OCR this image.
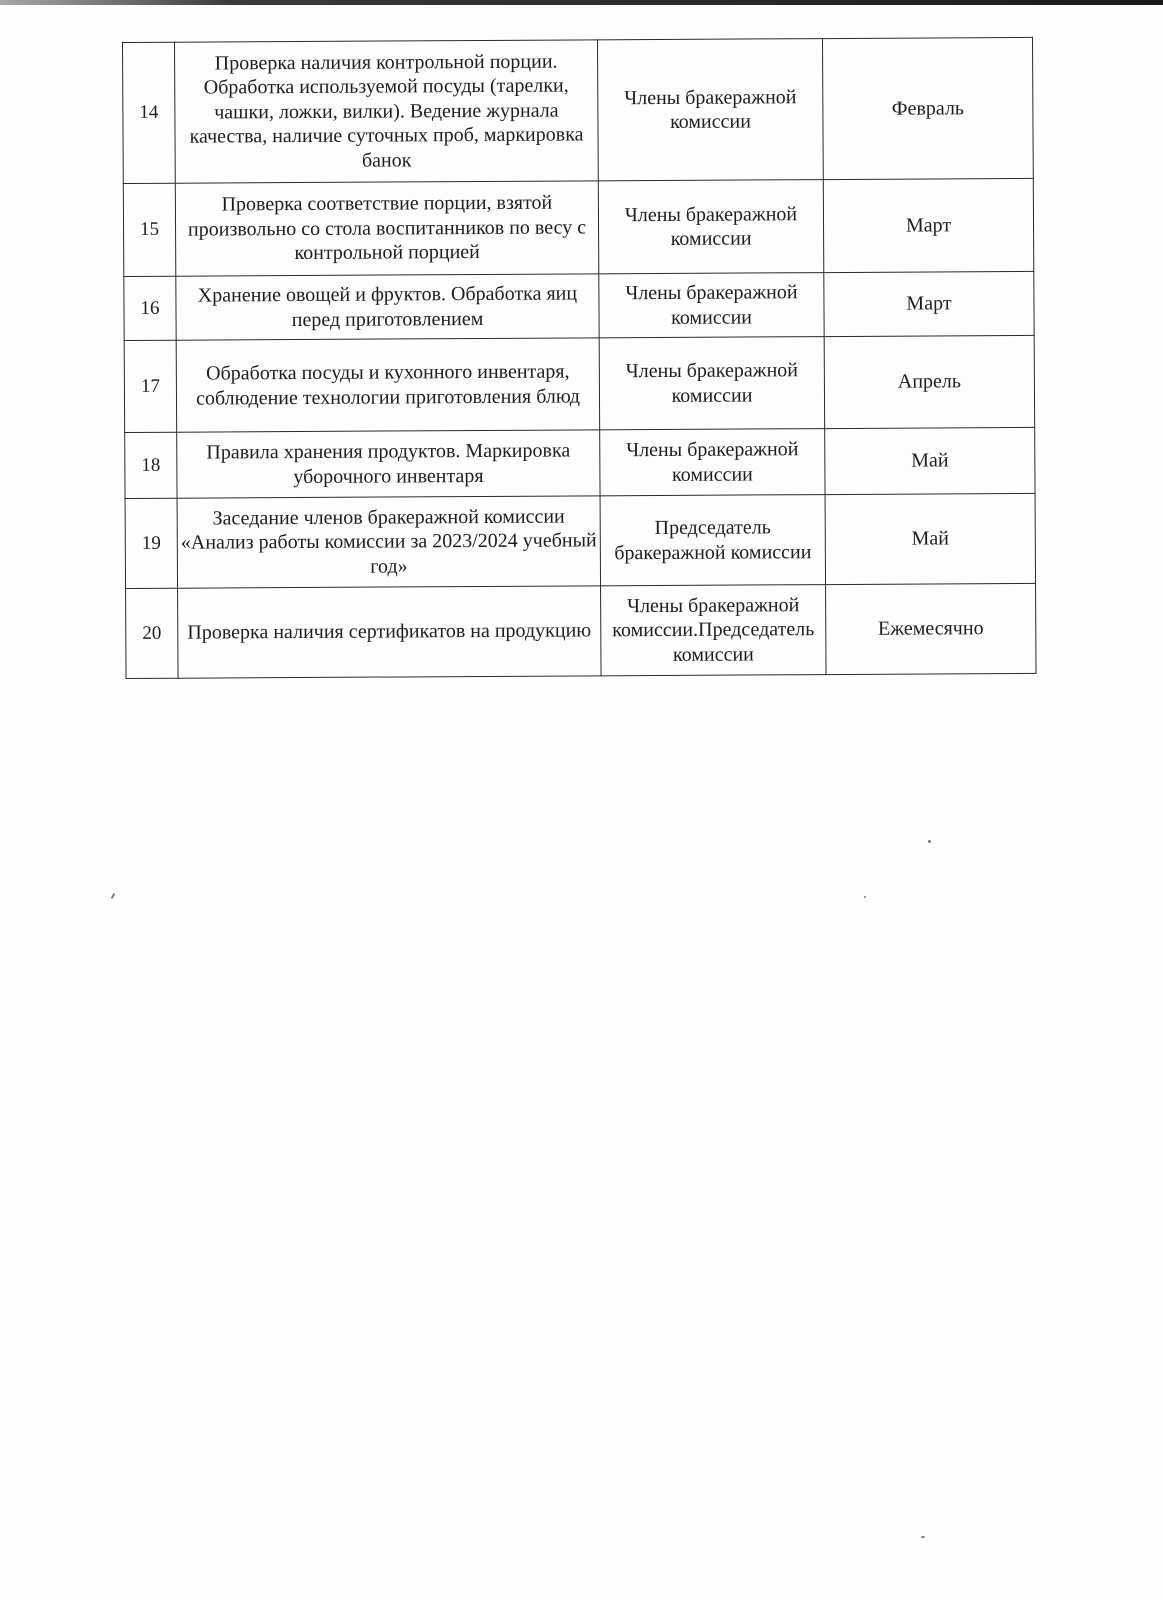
14	Проверка наличия контрольной порции. Обработка используемой посуды (тарелки, чашки, ложки, вилки). Ведение журнала качества, наличие суточных проб, маркировка банок	Члены бракеражной комиссии	Февраль
15	Проверка соответствие порции, взятой произвольно со стола воспитанников по весу с контрольной порцией	Члены бракеражной комиссии	Март
16	Хранение овощей и фруктов. Обработка яиц перед приготовлением	Члены бракеражной комиссии	Март
17	Обработка посуды и кухонного инвентаря, соблюдение технологии приготовления блюд	Члены бракеражной комиссии	Апрель
18	Правила хранения продуктов. Маркировка уборочного инвентаря	Члены бракеражной комиссии	Май
19	Заседание членов бракеражной комиссии «Анализ работы комиссии за 2023/2024 учебный год»	Председатель бракеражной комиссии	Май
20	Проверка наличия сертификатов на продукцию	Члены бракеражной комиссии.Председатель комиссии	Ежемесячно
